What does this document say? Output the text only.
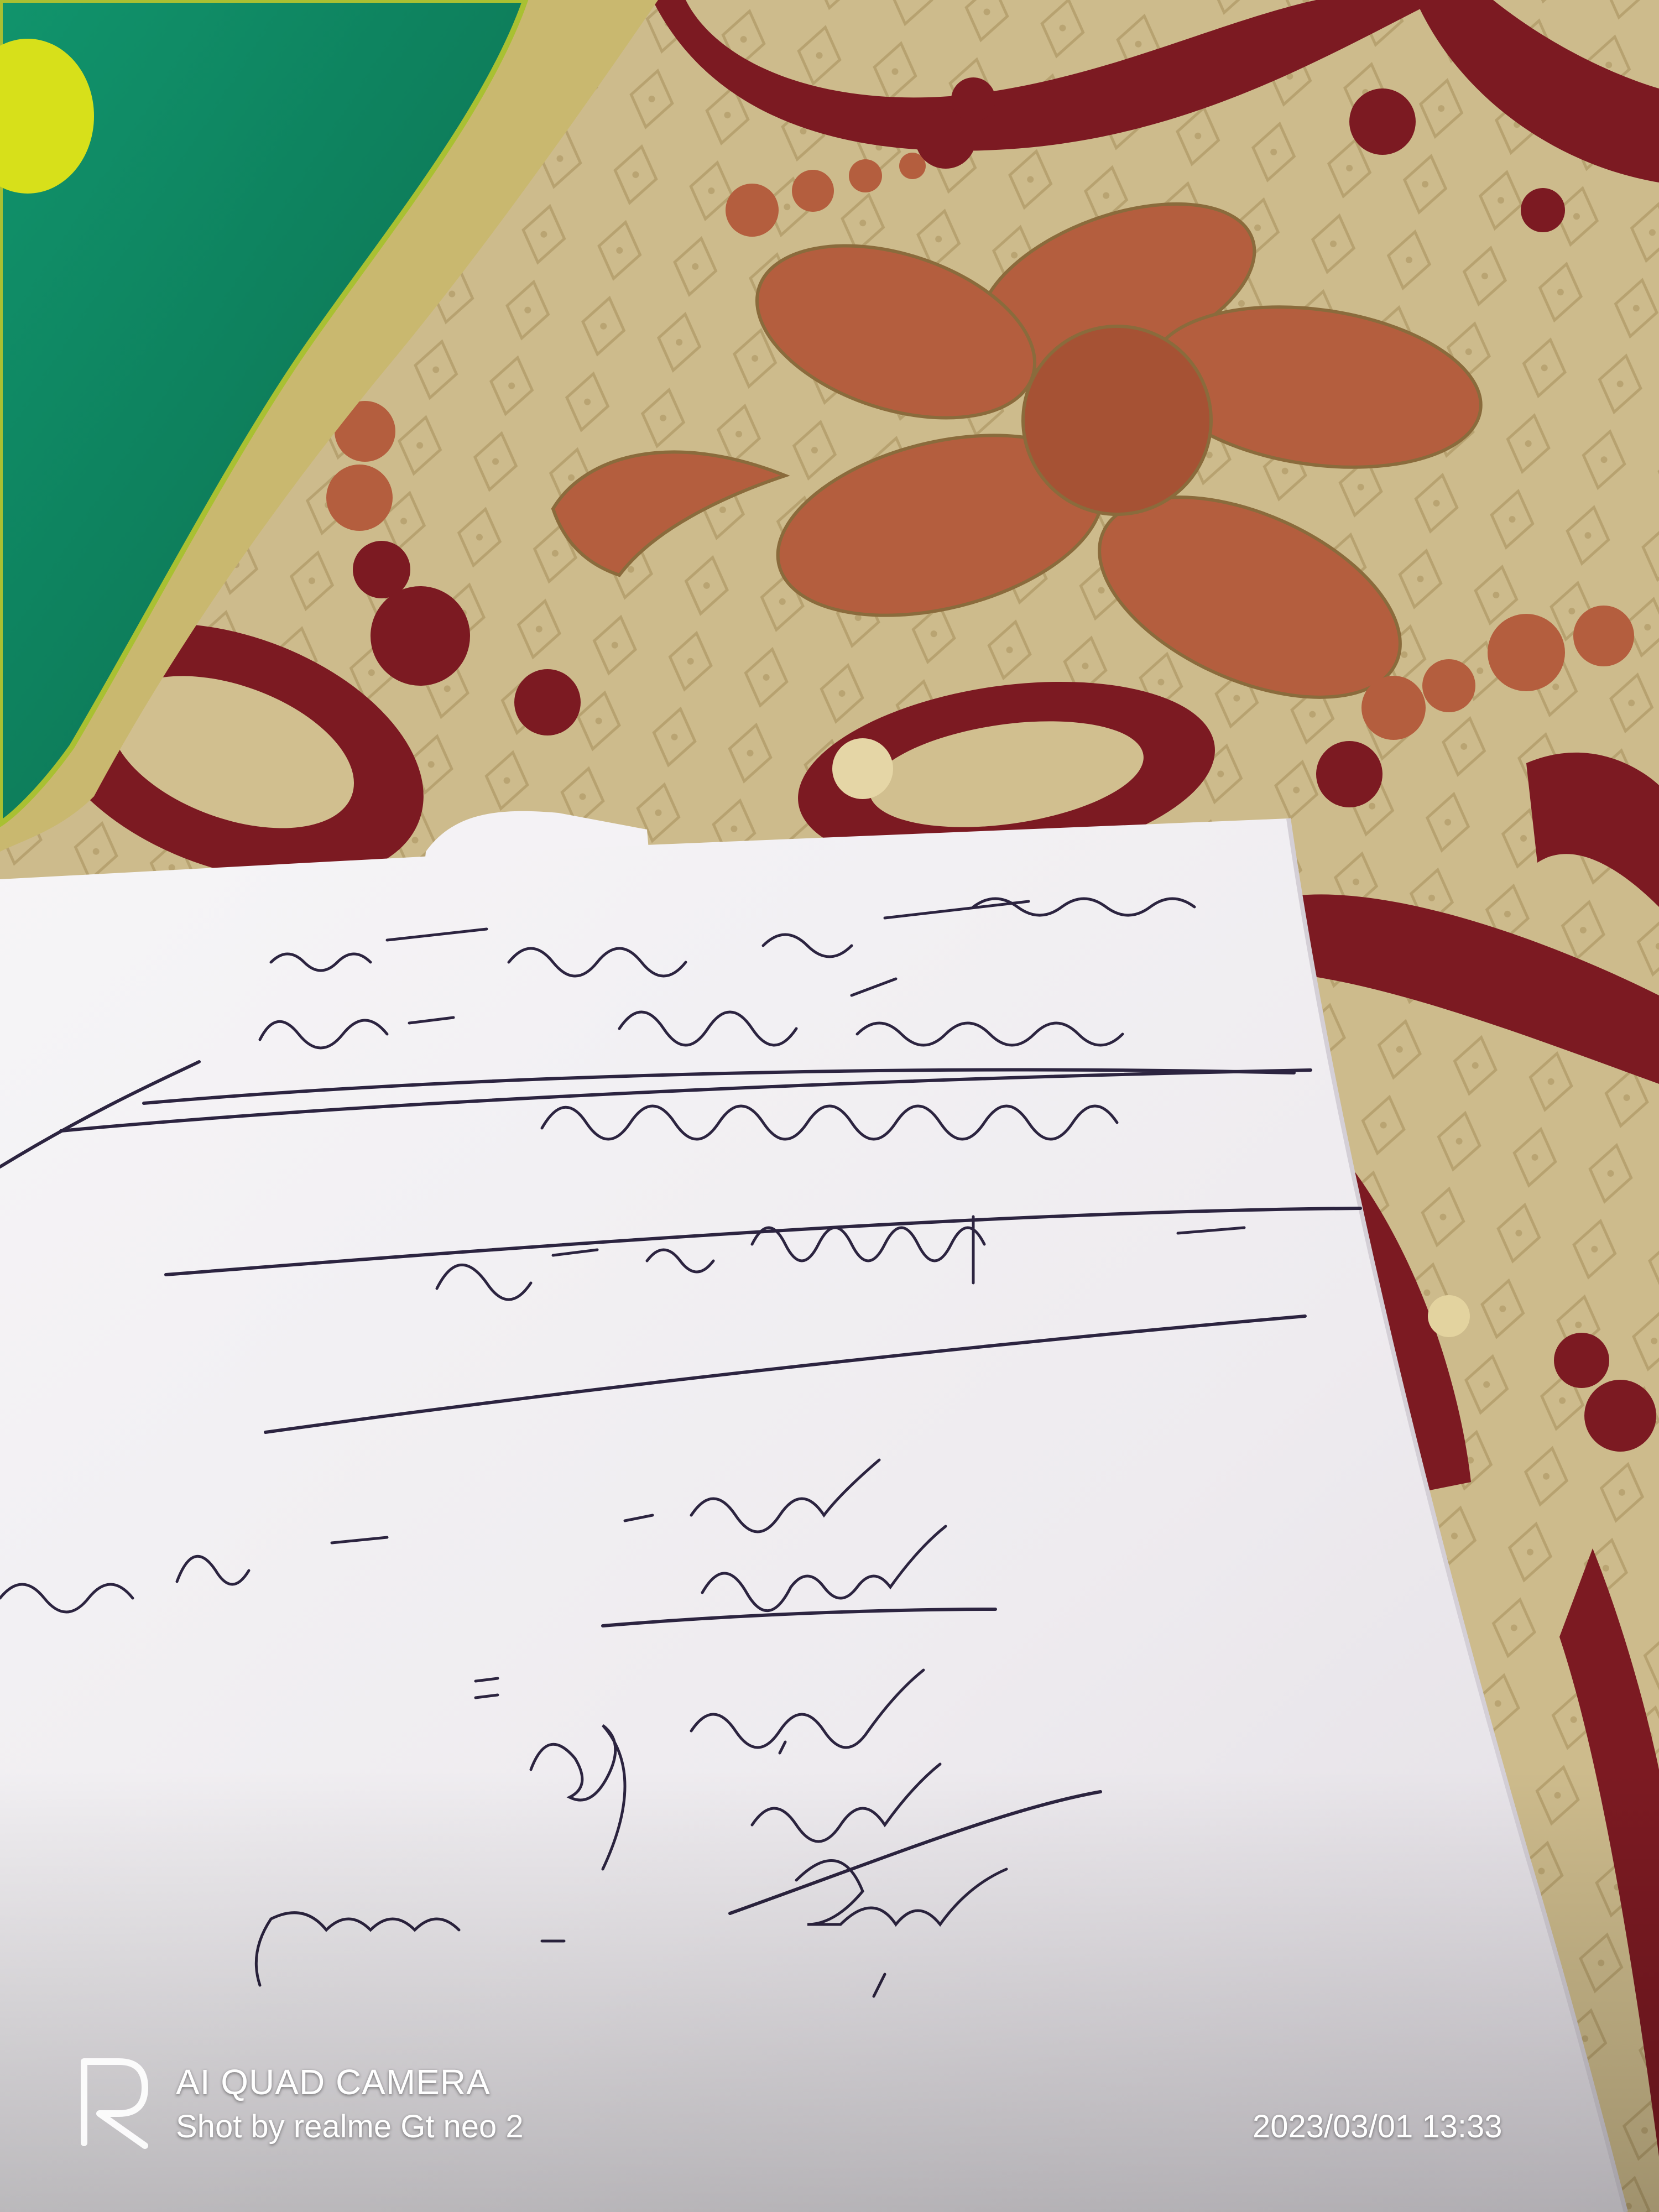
AI QUAD CAMERA
Shot by realme Gt neo 2	2023/03/01 13:33
